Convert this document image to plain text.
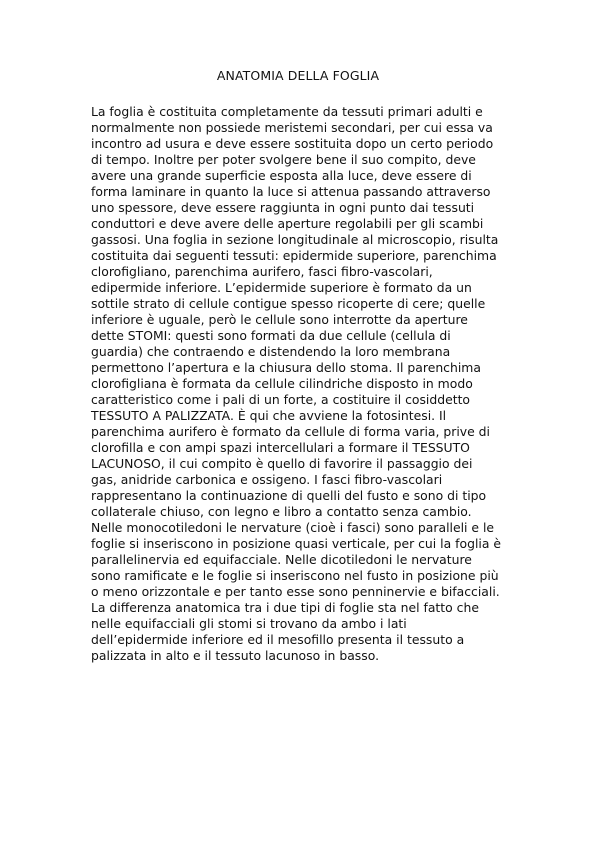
ANATOMIA DELLA FOGLIA
La foglia è costituita completamente da tessuti primari adulti e
normalmente non possiede meristemi secondari, per cui essa va
incontro ad usura e deve essere sostituita dopo un certo periodo
di tempo. Inoltre per poter svolgere bene il suo compito, deve
avere una grande superficie esposta alla luce, deve essere di
forma laminare in quanto la luce si attenua passando attraverso
uno spessore, deve essere raggiunta in ogni punto dai tessuti
conduttori e deve avere delle aperture regolabili per gli scambi
gassosi. Una foglia in sezione longitudinale al microscopio, risulta
costituita dai seguenti tessuti: epidermide superiore, parenchima
clorofigliano, parenchima aurifero, fasci fibro-vascolari,
edipermide inferiore. L’epidermide superiore è formato da un
sottile strato di cellule contigue spesso ricoperte di cere; quelle
inferiore è uguale, però le cellule sono interrotte da aperture
dette STOMI: questi sono formati da due cellule (cellula di
guardia) che contraendo e distendendo la loro membrana
permettono l’apertura e la chiusura dello stoma. Il parenchima
clorofigliana è formata da cellule cilindriche disposto in modo
caratteristico come i pali di un forte, a costituire il cosiddetto
TESSUTO A PALIZZATA. È qui che avviene la fotosintesi. Il
parenchima aurifero è formato da cellule di forma varia, prive di
clorofilla e con ampi spazi intercellulari a formare il TESSUTO
LACUNOSO, il cui compito è quello di favorire il passaggio dei
gas, anidride carbonica e ossigeno. I fasci fibro-vascolari
rappresentano la continuazione di quelli del fusto e sono di tipo
collaterale chiuso, con legno e libro a contatto senza cambio.
Nelle monocotiledoni le nervature (cioè i fasci) sono paralleli e le
foglie si inseriscono in posizione quasi verticale, per cui la foglia è
parallelinervia ed equifacciale. Nelle dicotiledoni le nervature
sono ramificate e le foglie si inseriscono nel fusto in posizione più
o meno orizzontale e per tanto esse sono penninervie e bifacciali.
La differenza anatomica tra i due tipi di foglie sta nel fatto che
nelle equifacciali gli stomi si trovano da ambo i lati
dell’epidermide inferiore ed il mesofillo presenta il tessuto a
palizzata in alto e il tessuto lacunoso in basso.
